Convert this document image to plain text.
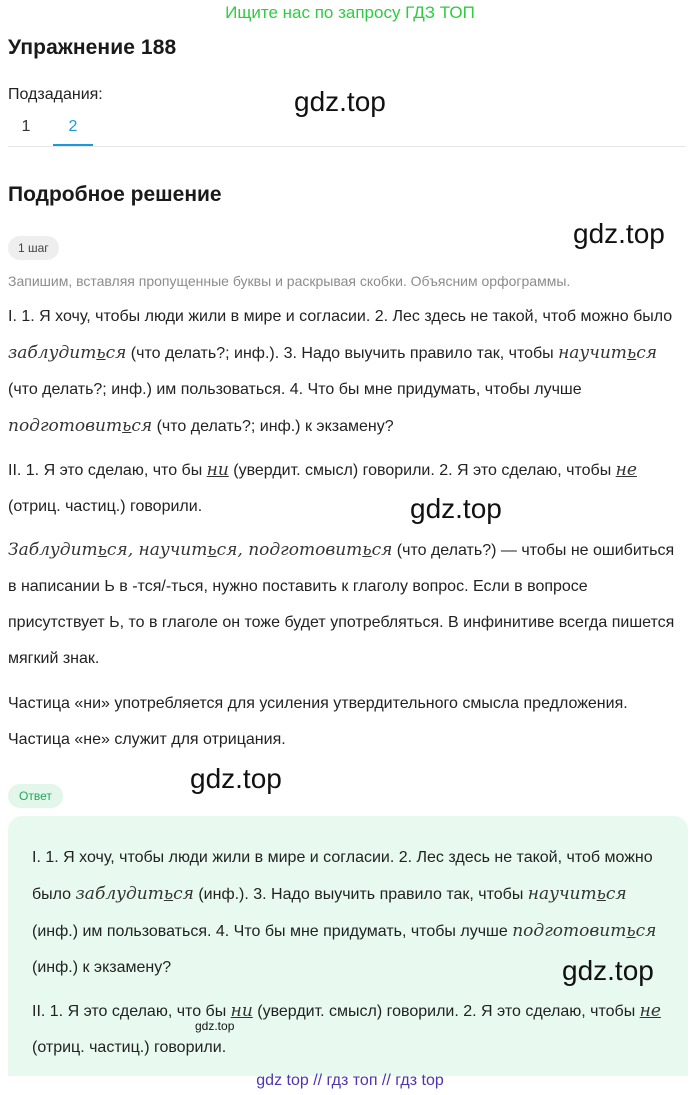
Ищите нас по запросу ГДЗ ТОП
Упражнение 188
Подзадания:
1	2
Подробное решение
1 шаг
Запишим, вставляя пропущенные буквы и раскрывая скобки. Объясним орфограммы.

I. 1. Я хочу, чтобы люди жили в мире и согласии. 2. Лес здесь не такой, чтоб можно было заблудиться (что делать?; инф.). 3. Надо выучить правило так, чтобы научиться (что делать?; инф.) им пользоваться. 4. Что бы мне придумать, чтобы лучше подготовиться (что делать?; инф.) к экзамену?

II. 1. Я это сделаю, что бы ни (увердит. смысл) говорили. 2. Я это сделаю, чтобы не (отриц. частиц.) говорили.

Заблудиться, научиться, подготовиться (что делать?) — чтобы не ошибиться в написании Ь в -тся/-ться, нужно поставить к глаголу вопрос. Если в вопросе присутствует Ь, то в глаголе он тоже будет употребляться. В инфинитиве всегда пишется мягкий знак.

Частица «ни» употребляется для усиления утвердительного смысла предложения. Частица «не» служит для отрицания.

Ответ

I. 1. Я хочу, чтобы люди жили в мире и согласии. 2. Лес здесь не такой, чтоб можно было заблудиться (инф.). 3. Надо выучить правило так, чтобы научиться (инф.) им пользоваться. 4. Что бы мне придумать, чтобы лучше подготовиться (инф.) к экзамену?

II. 1. Я это сделаю, что бы ни (увердит. смысл) говорили. 2. Я это сделаю, чтобы не (отриц. частиц.) говорили.

gdz.top
gdz.top
gdz.top
gdz.top
gdz.top
gdz.top
gdz top // гдз топ // гдз top
